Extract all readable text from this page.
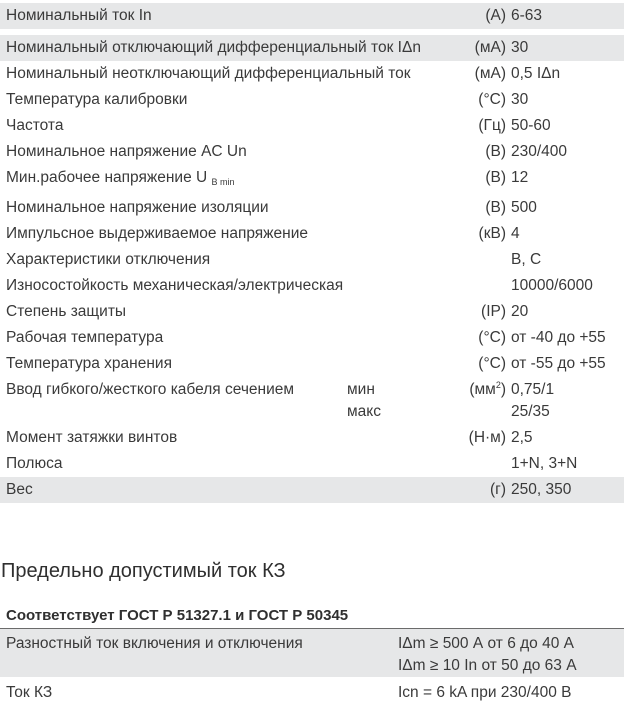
Номинальный ток In	(А) 6-63
Номинальный отключающий дифференциальный ток IΔn	(мА) 30
Номинальный неотключающий дифференциальный ток	(мА) 0,5 IΔn
Температура калибровки	(°С) 30
Частота	(Гц) 50-60
Номинальное напряжение AC Un	(В) 230/400
Мин.рабочее напряжение U B min	(В) 12
Номинальное напряжение изоляции	(В) 500
Импульсное выдерживаемое напряжение	(кВ) 4
Характеристики отключения	B, C
Износостойкость механическая/электрическая	10000/6000
Степень защиты	(IP) 20
Рабочая температура	(°С) от -40 до +55
Температура хранения	(°С) от -55 до +55
Ввод гибкого/жесткого кабеля сечением	мин	$(мм^2)$ 0,75/1
макс	25/35
Момент затяжки винтов	(Н·м) 2,5
Полюса	1+N, 3+N
Вес	(г) 250, 350
Предельно допустимый ток КЗ
Соответствует ГОСТ Р 51327.1 и ГОСТ Р 50345
Разностный ток включения и отключения	IΔm ≥ 500 А от 6 до 40 А
IΔm ≥ 10 In от 50 до 63 А
Ток КЗ	Icn = 6 kA при 230/400 В
